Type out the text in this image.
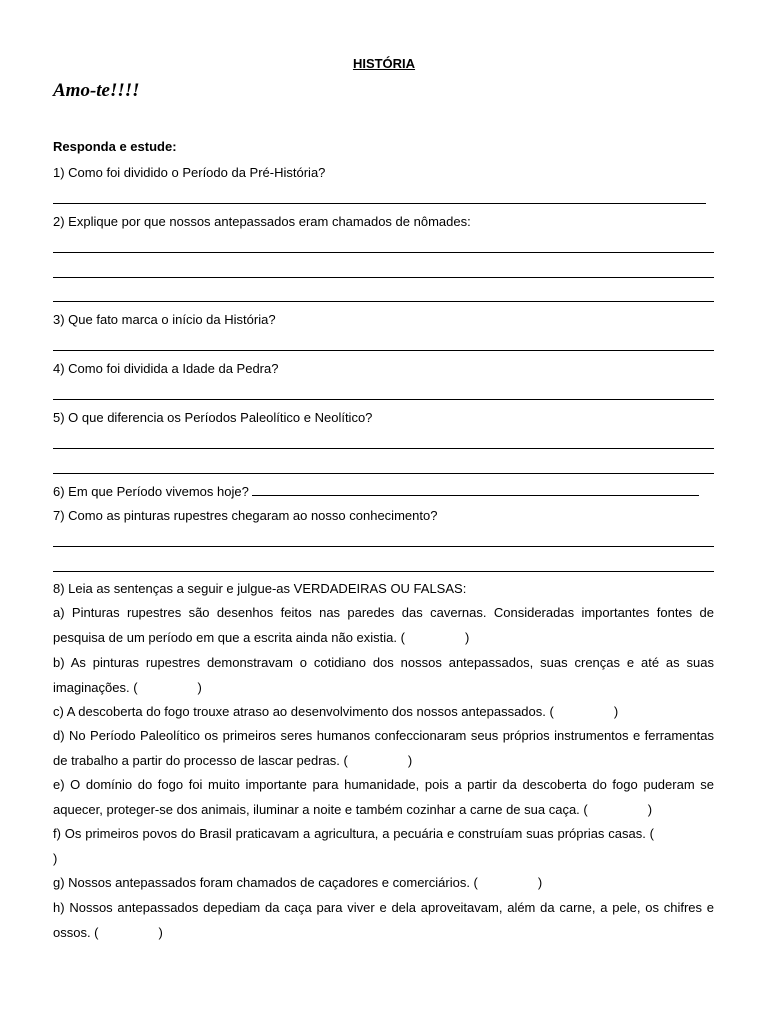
HISTÓRIA
Amo-te!!!!
Responda e estude:
1) Como foi dividido o Período da Pré-História?
2) Explique por que nossos antepassados eram chamados de nômades:
3) Que fato marca o início da História?
4) Como foi dividida a Idade da Pedra?
5) O que diferencia os Períodos Paleolítico e Neolítico?
6) Em que Período vivemos hoje?
7) Como as pinturas rupestres chegaram ao nosso conhecimento?
8) Leia as sentenças a seguir e julgue-as VERDADEIRAS OU FALSAS:
a) Pinturas rupestres são desenhos feitos nas paredes das cavernas. Consideradas importantes fontes de pesquisa de um período em que a escrita ainda não existia. (	)
b) As pinturas rupestres demonstravam o cotidiano dos nossos antepassados, suas crenças e até as suas imaginações. (	)
c) A descoberta do fogo trouxe atraso ao desenvolvimento dos nossos antepassados. (	)
d) No Período Paleolítico os primeiros seres humanos confeccionaram seus próprios instrumentos e ferramentas de trabalho a partir do processo de lascar pedras. (	)
e) O domínio do fogo foi muito importante para humanidade, pois a partir da descoberta do fogo puderam se aquecer, proteger-se dos animais, iluminar a noite e também cozinhar a carne de sua caça. (	)
f) Os primeiros povos do Brasil praticavam a agricultura, a pecuária e construíam suas próprias casas. ()
g) Nossos antepassados foram chamados de caçadores e comerciários. (	)
h) Nossos antepassados depediam da caça para viver e dela aproveitavam, além da carne, a pele, os chifres e ossos. (	)
